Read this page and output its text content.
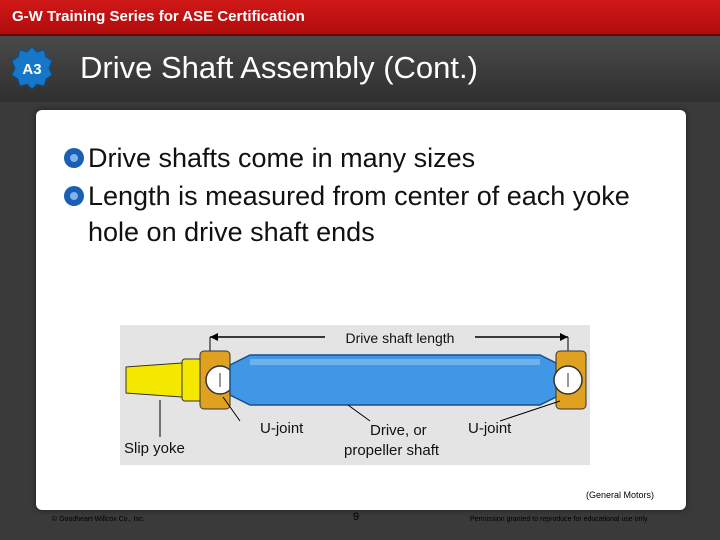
G-W Training Series for ASE Certification
A3 Drive Shaft Assembly (Cont.)
Drive shafts come in many sizes
Length is measured from center of each yoke hole on drive shaft ends
Drive shaft length
U-joint
Slip yoke
Drive, or
propeller shaft
U-joint
(General Motors)
© Goodheart-Willcox Co., Inc.	9	Permission granted to reproduce for educational use only.
